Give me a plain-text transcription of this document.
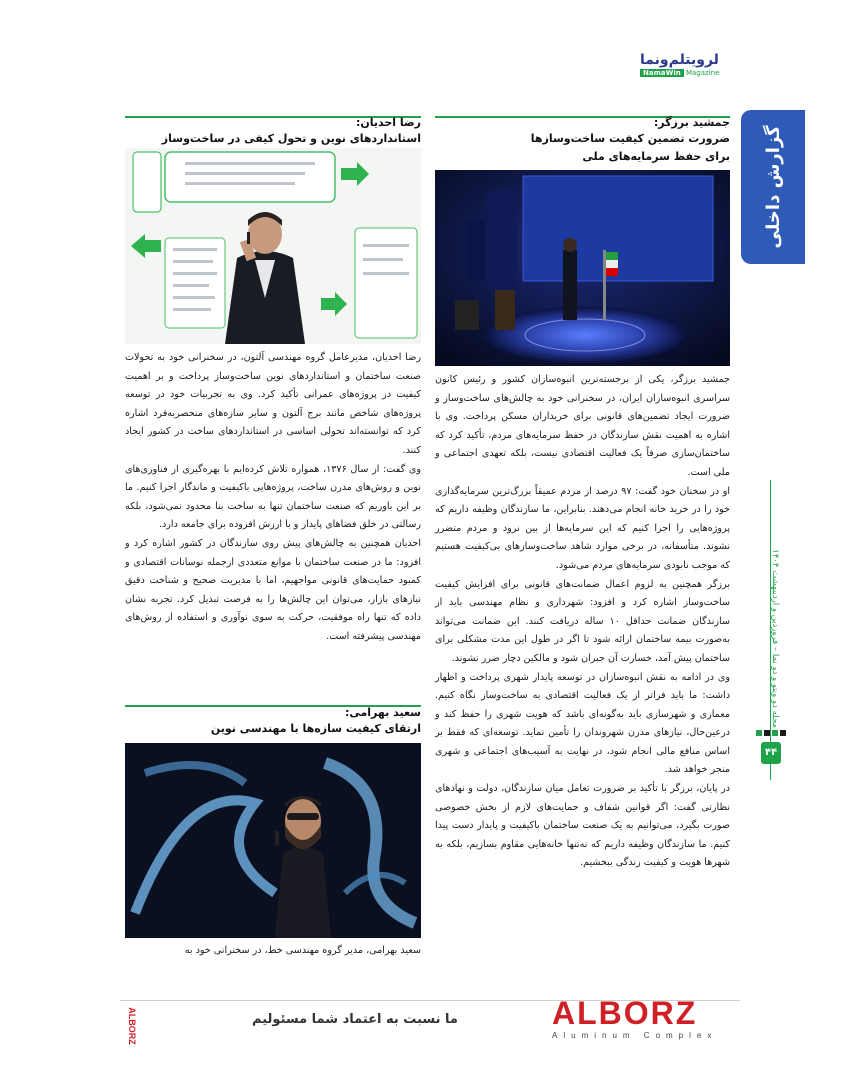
لرويتلم‌ونما
NamaWin Magazine
گزارش داخلی
مجله دو ویتو و دو نما – فروردین و اردیبهشت ۱۴۰۴
۴۴
جمشید برزگر:
ضرورت تضمین کیفیت ساخت‌وسازها برای حفظ سرمایه‌های ملی
جمشید برزگر، یکی از برجسته‌ترین انبوه‌سازان کشور و رئیس کانون سراسری انبوه‌سازان ایران، در سخنرانی خود به چالش‌های ساخت‌وساز و ضرورت ایجاد تضمین‌های قانونی برای خریداران مسکن پرداخت. وی با اشاره به اهمیت نقش سازندگان در حفظ سرمایه‌های مردم، تأکید کرد که ساختمان‌سازی صرفاً یک فعالیت اقتصادی نیست، بلکه تعهدی اجتماعی و ملی است.
او در سخنان خود گفت: ۹۷ درصد از مردم عمیقاً بزرگ‌ترین سرمایه‌گذاری خود را در خرید خانه انجام می‌دهند. بنابراین، ما سازندگان وظیفه داریم که پروژه‌هایی را اجرا کنیم که این سرمایه‌ها از بین نرود و مردم متضرر نشوند. متأسفانه، در برخی موارد شاهد ساخت‌وسازهای بی‌کیفیت هستیم که موجب نابودی سرمایه‌های مردم می‌شود.
برزگر همچنین به لزوم اعمال ضمانت‌های قانونی برای افزایش کیفیت ساخت‌وساز اشاره کرد و افزود: شهرداری و نظام مهندسی باید از سازندگان ضمانت حداقل ۱۰ ساله دریافت کنند. این ضمانت می‌تواند به‌صورت بیمه ساختمان ارائه شود تا اگر در طول این مدت مشکلی برای ساختمان پیش آمد، خسارت آن جبران شود و مالکین دچار ضرر نشوند.
وی در ادامه به نقش انبوه‌سازان در توسعه پایدار شهری پرداخت و اظهار داشت: ما باید فراتر از یک فعالیت اقتصادی به ساخت‌وساز نگاه کنیم. معماری و شهرسازی باید به‌گونه‌ای باشد که هویت شهری را حفظ کند و درعین‌حال، نیازهای مدرن شهروندان را تأمین نماید. توسعه‌ای که فقط بر اساس منافع مالی انجام شود، در نهایت به آسیب‌های اجتماعی و شهری منجر خواهد شد.
در پایان، برزگر با تأکید بر ضرورت تعامل میان سازندگان، دولت و نهادهای نظارتی گفت: اگر قوانین شفاف و حمایت‌های لازم از بخش خصوصی صورت بگیرد، می‌توانیم به یک صنعت ساختمان باکیفیت و پایدار دست پیدا کنیم. ما سازندگان وظیفه داریم که نه‌تنها خانه‌هایی مقاوم بسازیم، بلکه به شهرها هویت و کیفیت زندگی ببخشیم.
رضا احدیان:
استانداردهای نوین و تحول کیفی در ساخت‌وساز
رضا احدیان، مدیرعامل گروه مهندسی آلتون، در سخنرانی خود به تحولات صنعت ساختمان و استانداردهای نوین ساخت‌وساز پرداخت و بر اهمیت کیفیت در پروژه‌های عمرانی تأکید کرد. وی به تجربیات خود در توسعه پروژه‌های شاخص مانند برج آلتون و سایر سازه‌های منحصربه‌فرد اشاره کرد که توانسته‌اند تحولی اساسی در استانداردهای ساخت در کشور ایجاد کنند.
وی گفت: از سال ۱۳۷۶، همواره تلاش کرده‌ایم با بهره‌گیری از فناوری‌های نوین و روش‌های مدرن ساخت، پروژه‌هایی باکیفیت و ماندگار اجرا کنیم. ما بر این باوریم که صنعت ساختمان تنها به ساخت بنا محدود نمی‌شود، بلکه رسالتی در خلق فضاهای پایدار و با ارزش افزوده برای جامعه دارد.
احدیان همچنین به چالش‌های پیش روی سازندگان در کشور اشاره کرد و افزود: ما در صنعت ساختمان با موانع متعددی ازجمله نوسانات اقتصادی و کمبود حمایت‌های قانونی مواجهیم، اما با مدیریت صحیح و شناخت دقیق نیازهای بازار، می‌توان این چالش‌ها را به فرصت تبدیل کرد. تجربه نشان داده که تنها راه موفقیت، حرکت به سوی نوآوری و استفاده از روش‌های مهندسی پیشرفته است.
سعید بهرامی:
ارتقای کیفیت سازه‌ها با مهندسی نوین
سعید بهرامی، مدیر گروه مهندسی خط، در سخنرانی خود به
ALBORZ	ما نسبت به اعتماد شما مسئولیم	ALBORZ
Aluminum Complex
